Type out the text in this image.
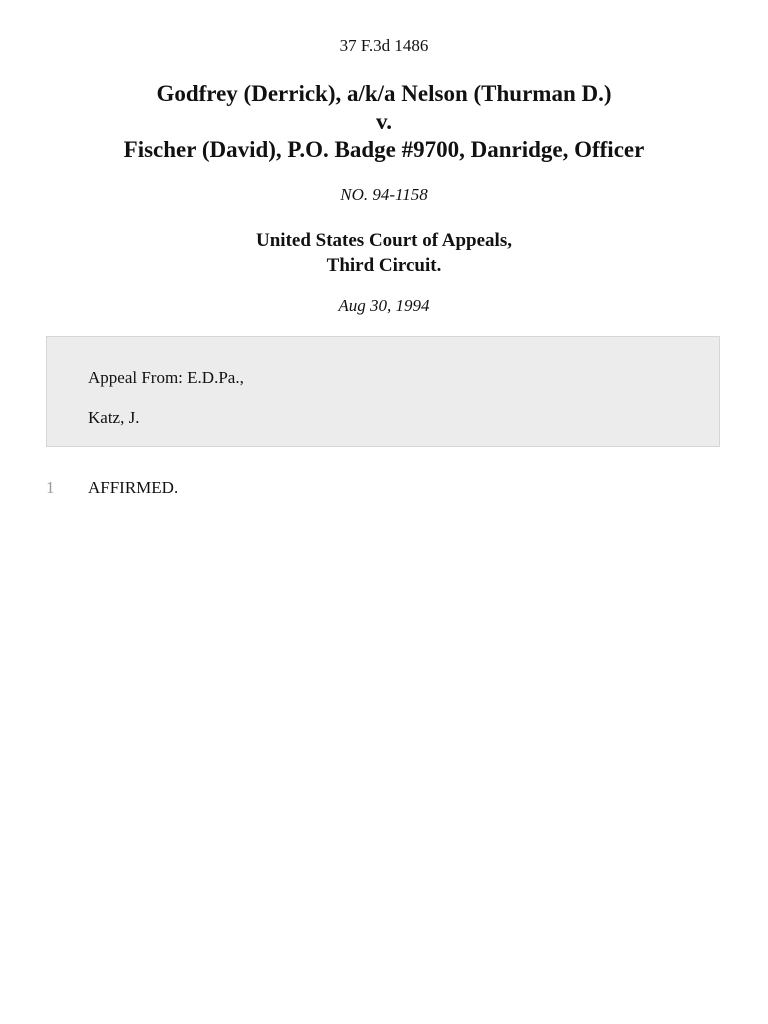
37 F.3d 1486
Godfrey (Derrick), a/k/a Nelson (Thurman D.)
v.
Fischer (David), P.O. Badge #9700, Danridge, Officer
NO. 94-1158
United States Court of Appeals,
Third Circuit.
Aug 30, 1994
Appeal From: E.D.Pa.,
Katz, J.
1 AFFIRMED.
